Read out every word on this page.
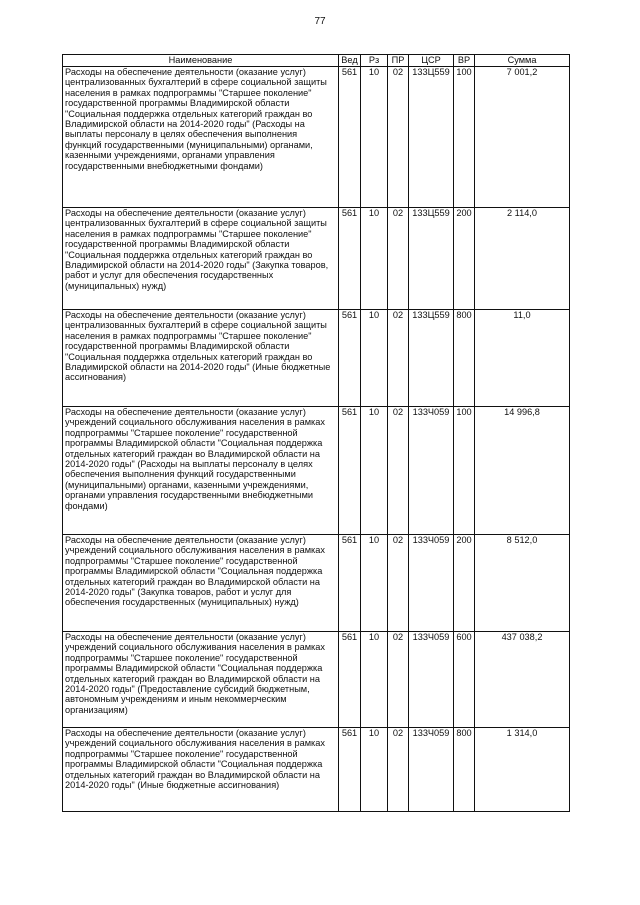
77
Наименование	Вед	Рз	ПР	ЦСР	ВР	Сумма
Расходы на обеспечение деятельности (оказание услуг) централизованных бухгалтерий в сфере социальной защиты населения в рамках подпрограммы "Старшее поколение" государственной программы Владимирской области "Социальная поддержка отдельных категорий граждан во Владимирской области на 2014-2020 годы" (Расходы на выплаты персоналу в целях обеспечения выполнения функций государственными (муниципальными) органами, казенными учреждениями, органами управления государственными внебюджетными фондами)	561	10	02	133Ц559	100	7 001,2
Расходы на обеспечение деятельности (оказание услуг) централизованных бухгалтерий в сфере социальной защиты населения в рамках подпрограммы "Старшее поколение" государственной программы Владимирской области "Социальная поддержка отдельных категорий граждан во Владимирской области на 2014-2020 годы" (Закупка товаров, работ и услуг для обеспечения государственных (муниципальных) нужд)	561	10	02	133Ц559	200	2 114,0
Расходы на обеспечение деятельности (оказание услуг) централизованных бухгалтерий в сфере социальной защиты населения в рамках подпрограммы "Старшее поколение" государственной программы Владимирской области "Социальная поддержка отдельных категорий граждан во Владимирской области на 2014-2020 годы" (Иные бюджетные ассигнования)	561	10	02	133Ц559	800	11,0
Расходы на обеспечение деятельности (оказание услуг) учреждений социального обслуживания населения в рамках подпрограммы "Старшее поколение" государственной программы Владимирской области "Социальная поддержка отдельных категорий граждан во Владимирской области на 2014-2020 годы" (Расходы на выплаты персоналу в целях обеспечения выполнения функций государственными (муниципальными) органами, казенными учреждениями, органами управления государственными внебюджетными фондами)	561	10	02	133Ч059	100	14 996,8
Расходы на обеспечение деятельности (оказание услуг) учреждений социального обслуживания населения в рамках подпрограммы "Старшее поколение" государственной программы Владимирской области "Социальная поддержка отдельных категорий граждан во Владимирской области на 2014-2020 годы" (Закупка товаров, работ и услуг для обеспечения государственных (муниципальных) нужд)	561	10	02	133Ч059	200	8 512,0
Расходы на обеспечение деятельности (оказание услуг) учреждений социального обслуживания населения в рамках подпрограммы "Старшее поколение" государственной программы Владимирской области "Социальная поддержка отдельных категорий граждан во Владимирской области на 2014-2020 годы" (Предоставление субсидий бюджетным, автономным учреждениям и иным некоммерческим организациям)	561	10	02	133Ч059	600	437 038,2
Расходы на обеспечение деятельности (оказание услуг) учреждений социального обслуживания населения в рамках подпрограммы "Старшее поколение" государственной программы Владимирской области "Социальная поддержка отдельных категорий граждан во Владимирской области на 2014-2020 годы" (Иные бюджетные ассигнования)	561	10	02	133Ч059	800	1 314,0
